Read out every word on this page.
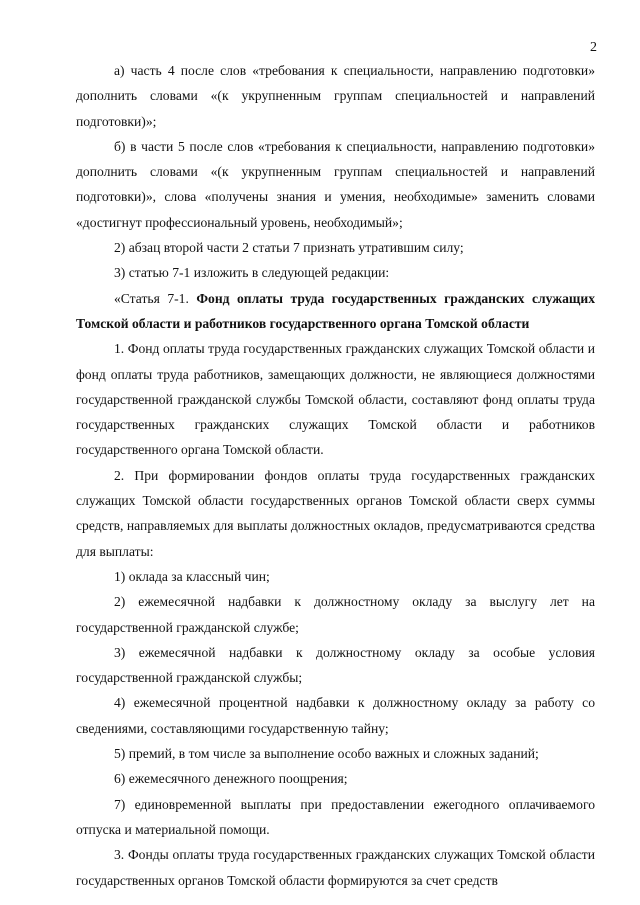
2

а) часть 4 после слов «требования к специальности, направлению подготовки» дополнить словами «(к укрупненным группам специальностей и направлений подготовки)»;

б) в части 5 после слов «требования к специальности, направлению подготовки» дополнить словами «(к укрупненным группам специальностей и направлений подготовки)», слова «получены знания и умения, необходимые» заменить словами «достигнут профессиональный уровень, необходимый»;

2) абзац второй части 2 статьи 7 признать утратившим силу;

3) статью 7-1 изложить в следующей редакции:

«Статья 7-1. Фонд оплаты труда государственных гражданских служащих Томской области и работников государственного органа Томской области

1. Фонд оплаты труда государственных гражданских служащих Томской области и фонд оплаты труда работников, замещающих должности, не являющиеся должностями государственной гражданской службы Томской области, составляют фонд оплаты труда государственных гражданских служащих Томской области и работников государственного органа Томской области.

2. При формировании фондов оплаты труда государственных гражданских служащих Томской области государственных органов Томской области сверх суммы средств, направляемых для выплаты должностных окладов, предусматриваются средства для выплаты:

1) оклада за классный чин;

2) ежемесячной надбавки к должностному окладу за выслугу лет на государственной гражданской службе;

3) ежемесячной надбавки к должностному окладу за особые условия государственной гражданской службы;

4) ежемесячной процентной надбавки к должностному окладу за работу со сведениями, составляющими государственную тайну;

5) премий, в том числе за выполнение особо важных и сложных заданий;

6) ежемесячного денежного поощрения;

7) единовременной выплаты при предоставлении ежегодного оплачиваемого отпуска и материальной помощи.

3. Фонды оплаты труда государственных гражданских служащих Томской области государственных органов Томской области формируются за счет средств
